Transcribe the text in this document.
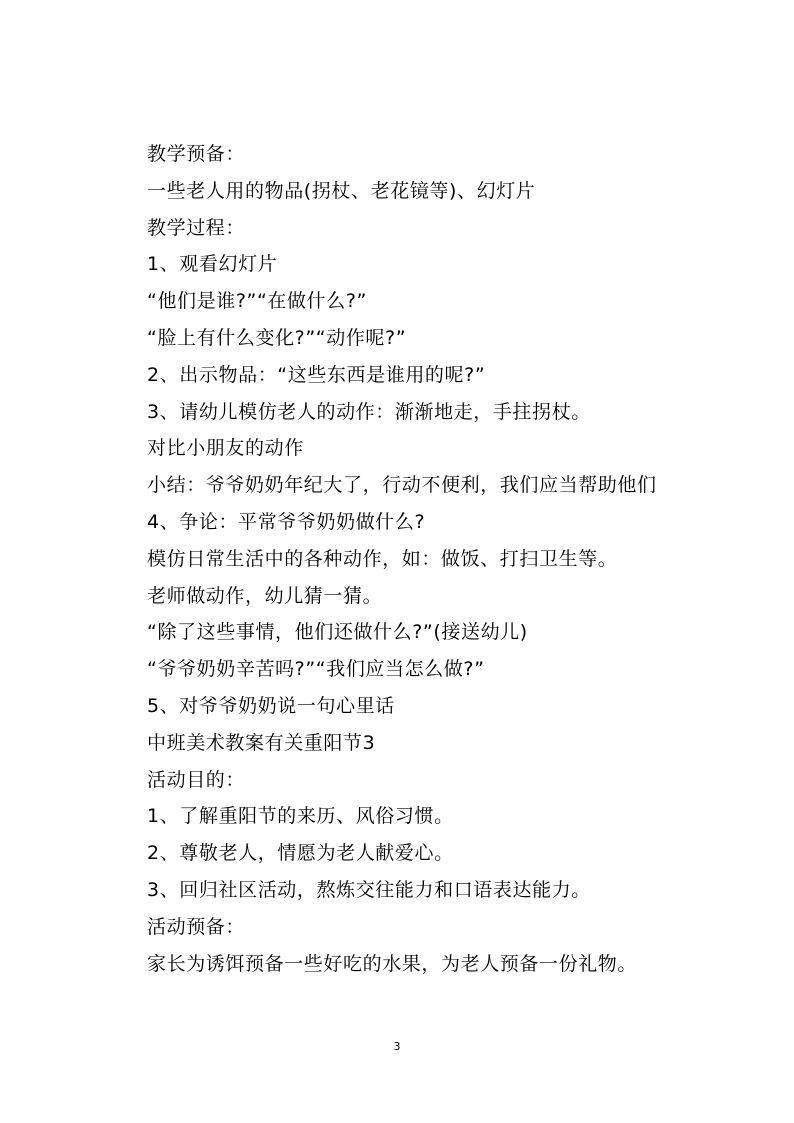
教学预备：
一些老人用的物品(拐杖、老花镜等)、幻灯片
教学过程：
1、观看幻灯片
“他们是谁?”“在做什么?”
“脸上有什么变化?”“动作呢?”
2、出示物品：“这些东西是谁用的呢?”
3、请幼儿模仿老人的动作：渐渐地走，手拄拐杖。
对比小朋友的动作
小结：爷爷奶奶年纪大了，行动不便利，我们应当帮助他们
4、争论：平常爷爷奶奶做什么?
模仿日常生活中的各种动作，如：做饭、打扫卫生等。
老师做动作，幼儿猜一猜。
“除了这些事情，他们还做什么?”(接送幼儿)
“爷爷奶奶辛苦吗?”“我们应当怎么做?”
5、对爷爷奶奶说一句心里话
中班美术教案有关重阳节3
活动目的：
1、了解重阳节的来历、风俗习惯。
2、尊敬老人，情愿为老人献爱心。
3、回归社区活动，熬炼交往能力和口语表达能力。
活动预备：
家长为诱饵预备一些好吃的水果，为老人预备一份礼物。
3
